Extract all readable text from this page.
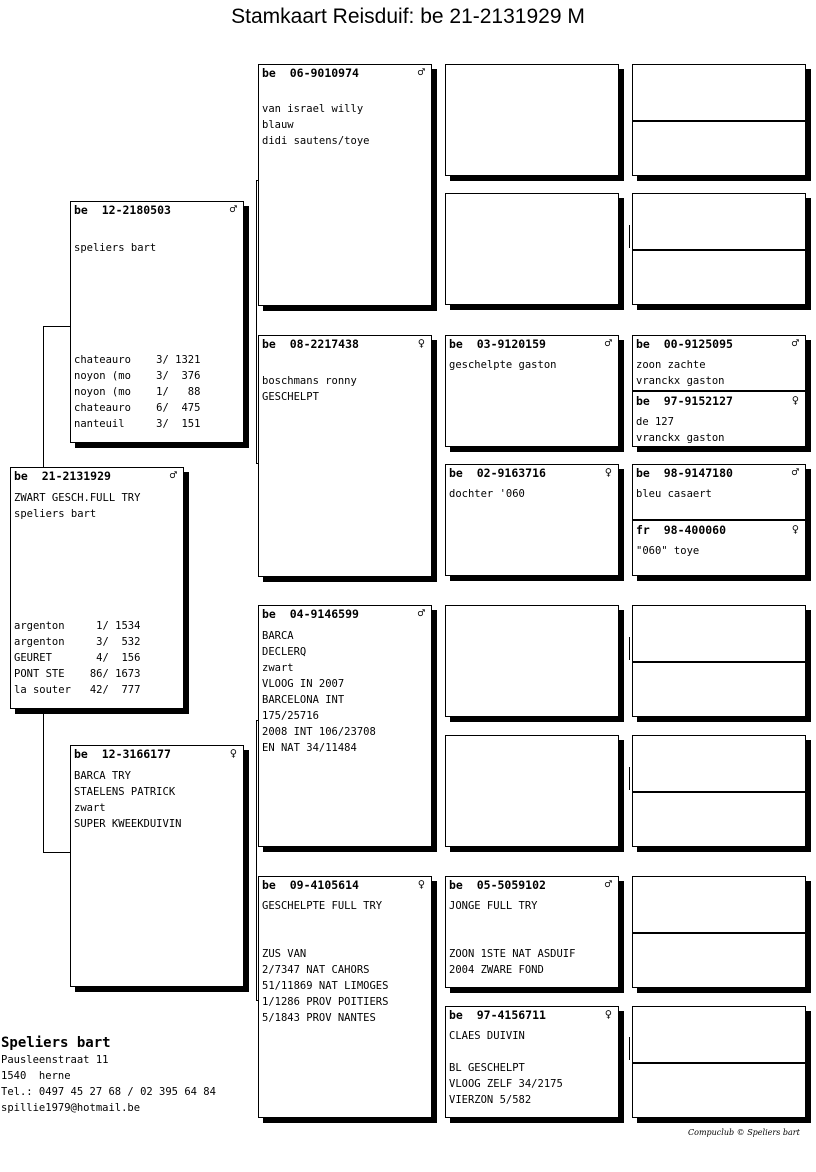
Stamkaart Reisduif: be 21-2131929 M
be 21-2131929	♂
ZWART GESCH.FULL TRY
speliers bart
argenton     1/ 1534
argenton     3/  532
GEURET       4/  156
PONT STE    86/ 1673
la souter   42/  777
be 12-2180503	♂
speliers bart
chateauro    3/ 1321
noyon (mo    3/  376
noyon (mo    1/   88
chateauro    6/  475
nanteuil     3/  151
be 12-3166177	♀
BARCA TRY
STAELENS PATRICK
zwart
SUPER KWEEKDUIVIN
be 06-9010974	♂
van israel willy
blauw
didi sautens/toye
be 08-2217438	♀
boschmans ronny
GESCHELPT
be 04-9146599	♂
BARCA
DECLERQ
zwart
VLOOG IN 2007
BARCELONA INT
175/25716
2008 INT 106/23708
EN NAT 34/11484
be 09-4105614	♀
GESCHELPTE FULL TRY
ZUS VAN
2/7347 NAT CAHORS
51/11869 NAT LIMOGES
1/1286 PROV POITIERS
5/1843 PROV NANTES
be 03-9120159	♂
geschelpte gaston
be 02-9163716	♀
dochter '060
be 05-5059102	♂
JONGE FULL TRY
ZOON 1STE NAT ASDUIF
2004 ZWARE FOND
be 97-4156711	♀
CLAES DUIVIN
BL GESCHELPT
VLOOG ZELF 34/2175
VIERZON 5/582
be 00-9125095	♂
zoon zachte
vranckx gaston
be 97-9152127	♀
de 127
vranckx gaston
be 98-9147180	♂
bleu casaert
fr 98-400060	♀
"060" toye
Speliers bart
Pausleenstraat 11
1540  herne
Tel.: 0497 45 27 68 / 02 395 64 84
spillie1979@hotmail.be
Compuclub © Speliers bart
